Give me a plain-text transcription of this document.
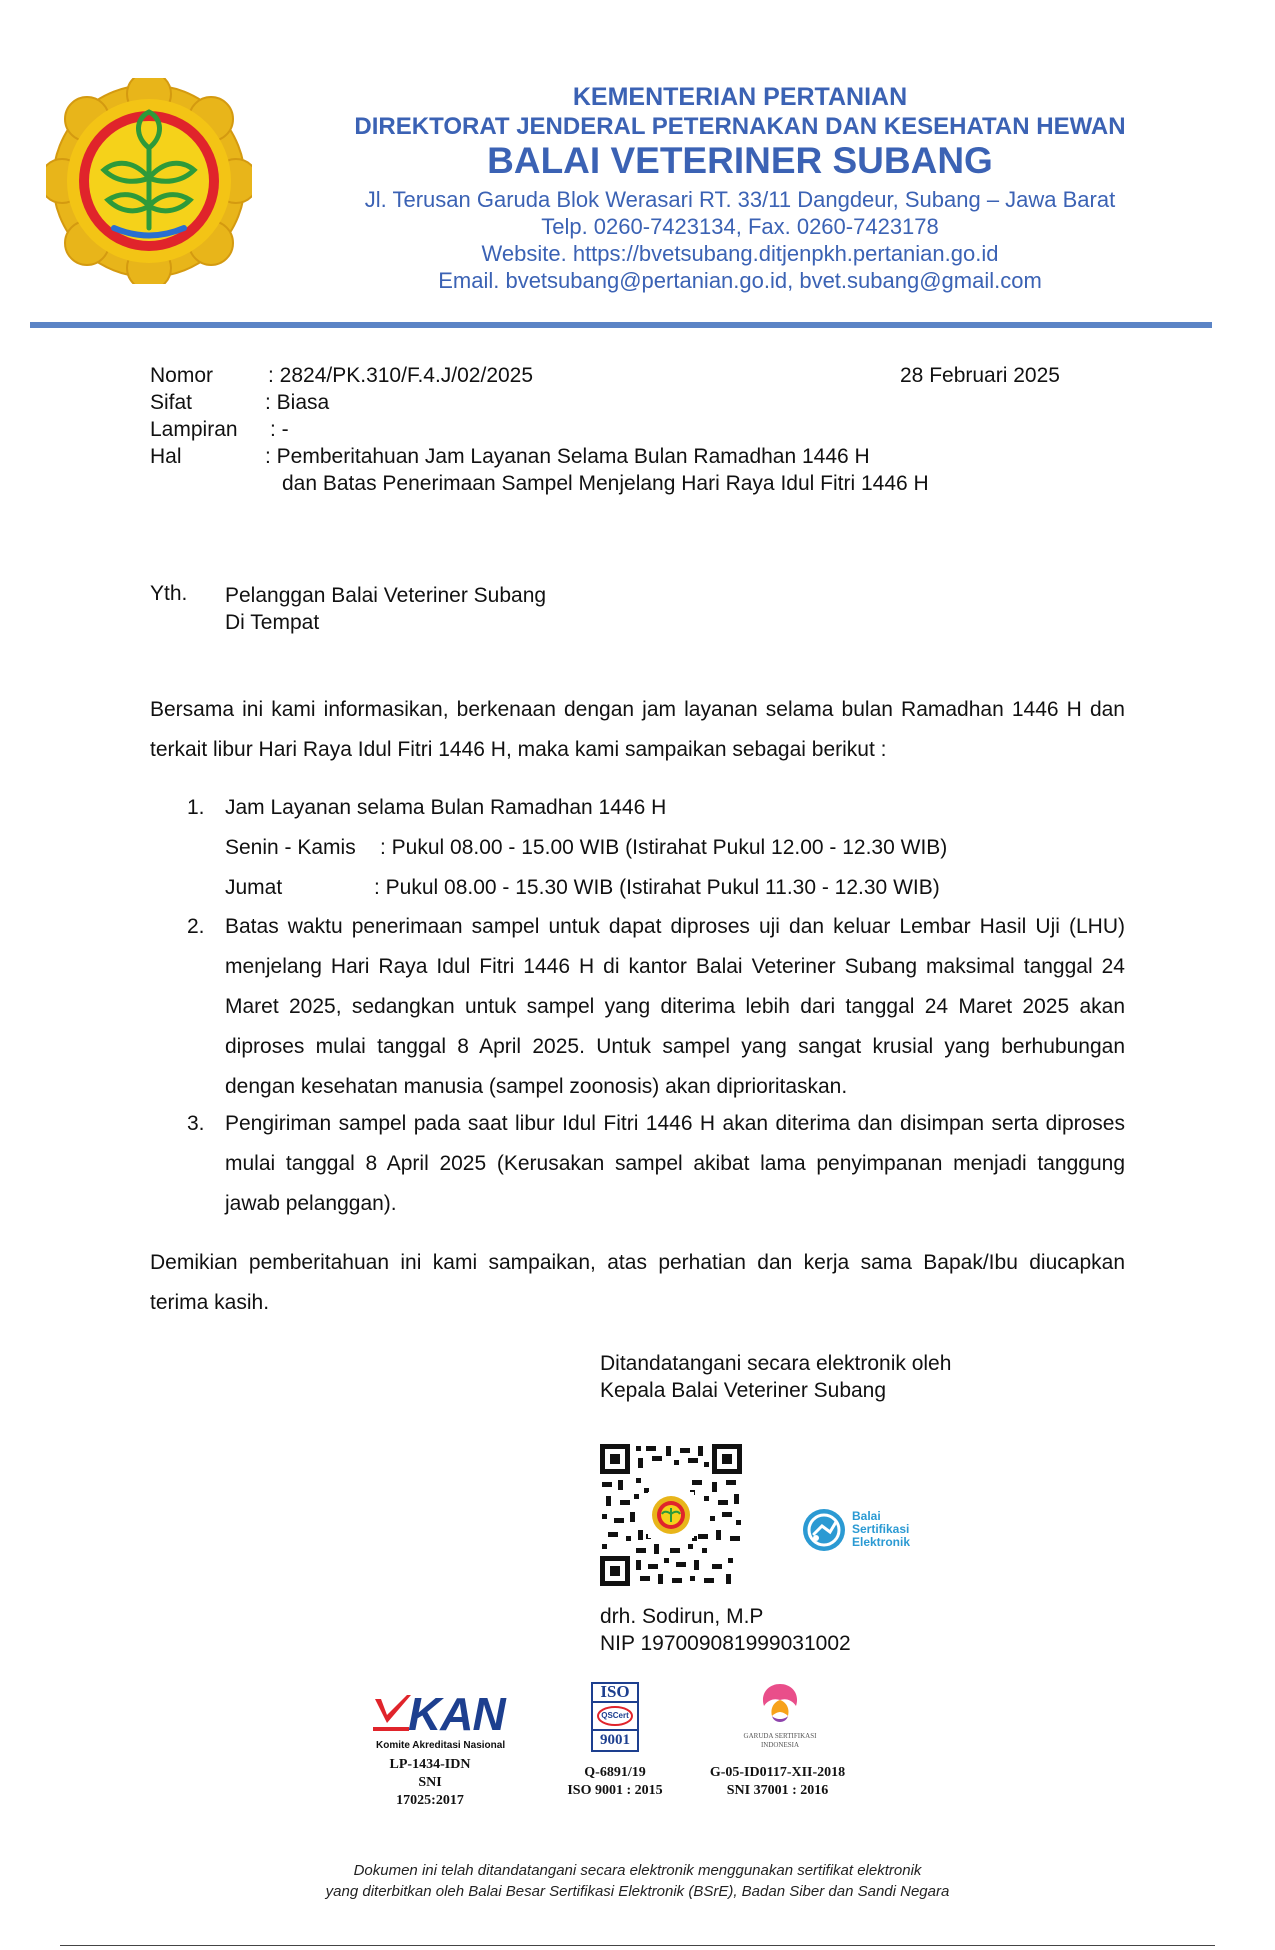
KEMENTERIAN PERTANIAN
DIREKTORAT JENDERAL PETERNAKAN DAN KESEHATAN HEWAN
BALAI VETERINER SUBANG
Jl. Terusan Garuda Blok Werasari RT. 33/11 Dangdeur, Subang – Jawa Barat
Telp. 0260-7423134, Fax. 0260-7423178
Website. https://bvetsubang.ditjenpkh.pertanian.go.id
Email. bvetsubang@pertanian.go.id, bvet.subang@gmail.com
Nomor	: 2824/PK.310/F.4.J/02/2025	28 Februari 2025
Sifat	: Biasa
Lampiran : -
Hal	: Pemberitahuan Jam Layanan Selama Bulan Ramadhan 1446 H
dan Batas Penerimaan Sampel Menjelang Hari Raya Idul Fitri 1446 H
Yth. Pelanggan Balai Veteriner Subang
Di Tempat
Bersama ini kami informasikan, berkenaan dengan jam layanan selama bulan Ramadhan 1446 H dan terkait libur Hari Raya Idul Fitri 1446 H, maka kami sampaikan sebagai berikut :
1. Jam Layanan selama Bulan Ramadhan 1446 H
Senin - Kamis : Pukul 08.00 - 15.00 WIB (Istirahat Pukul 12.00 - 12.30 WIB)
Jumat	: Pukul 08.00 - 15.30 WIB (Istirahat Pukul 11.30 - 12.30 WIB)
2. Batas waktu penerimaan sampel untuk dapat diproses uji dan keluar Lembar Hasil Uji (LHU) menjelang Hari Raya Idul Fitri 1446 H di kantor Balai Veteriner Subang maksimal tanggal 24 Maret 2025, sedangkan untuk sampel yang diterima lebih dari tanggal 24 Maret 2025 akan diproses mulai tanggal 8 April 2025. Untuk sampel yang sangat krusial yang berhubungan dengan kesehatan manusia (sampel zoonosis) akan diprioritaskan.
3. Pengiriman sampel pada saat libur Idul Fitri 1446 H akan diterima dan disimpan serta diproses mulai tanggal 8 April 2025 (Kerusakan sampel akibat lama penyimpanan menjadi tanggung jawab pelanggan).
Demikian pemberitahuan ini kami sampaikan, atas perhatian dan kerja sama Bapak/Ibu diucapkan terima kasih.
Ditandatangani secara elektronik oleh
Kepala Balai Veteriner Subang
Balai
Sertifikasi
Elektronik
drh. Sodirun, M.P
NIP 197009081999031002
KAN
Komite Akreditasi Nasional
LP-1434-IDN
SNI
17025:2017
ISO
QSCert
9001
Q-6891/19
ISO 9001 : 2015
GARUDA SERTIFIKASI
INDONESIA
G-05-ID0117-XII-2018
SNI 37001 : 2016
Dokumen ini telah ditandatangani secara elektronik menggunakan sertifikat elektronik
yang diterbitkan oleh Balai Besar Sertifikasi Elektronik (BSrE), Badan Siber dan Sandi Negara
